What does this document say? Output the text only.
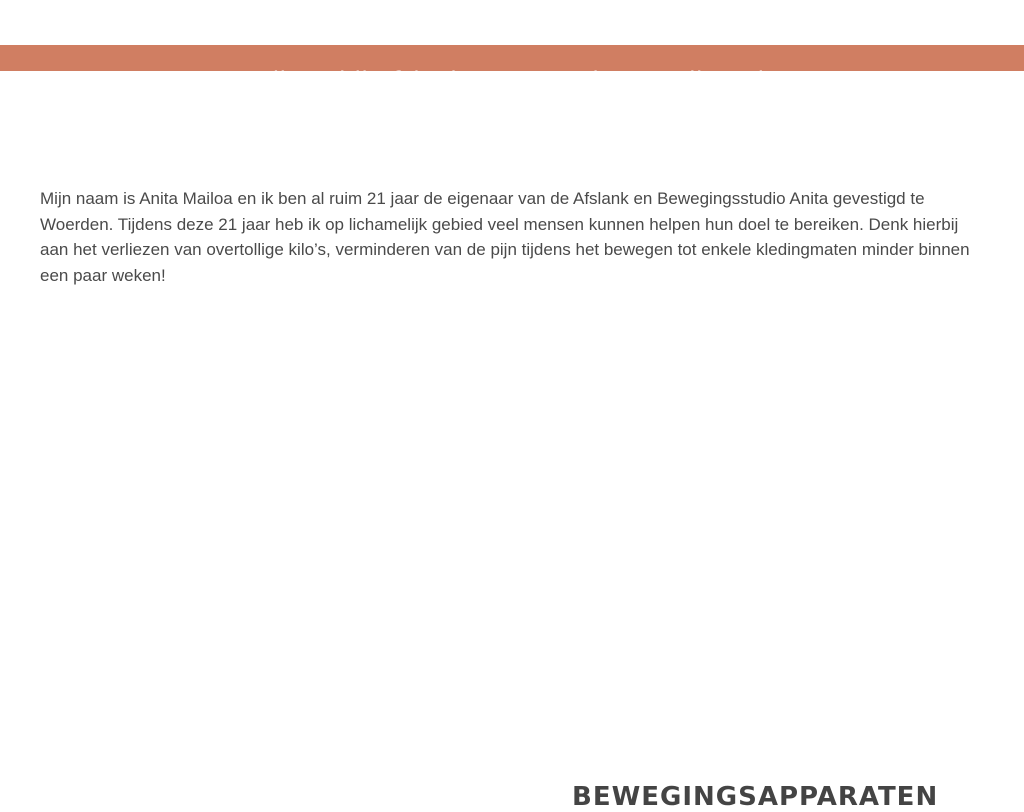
Welkom bij Afslank en Bewegingsstudio Anita

Mijn naam is Anita Mailoa en ik ben al ruim 21 jaar de eigenaar van de Afslank en Bewegingsstudio Anita gevestigd te Woerden. Tijdens deze 21 jaar heb ik op lichamelijk gebied veel mensen kunnen helpen hun doel te bereiken. Denk hierbij aan het verliezen van overtollige kilo’s, verminderen van de pijn tijdens het bewegen tot enkele kledingmaten minder binnen een paar weken!

BEWEGINGSAPPARATEN
